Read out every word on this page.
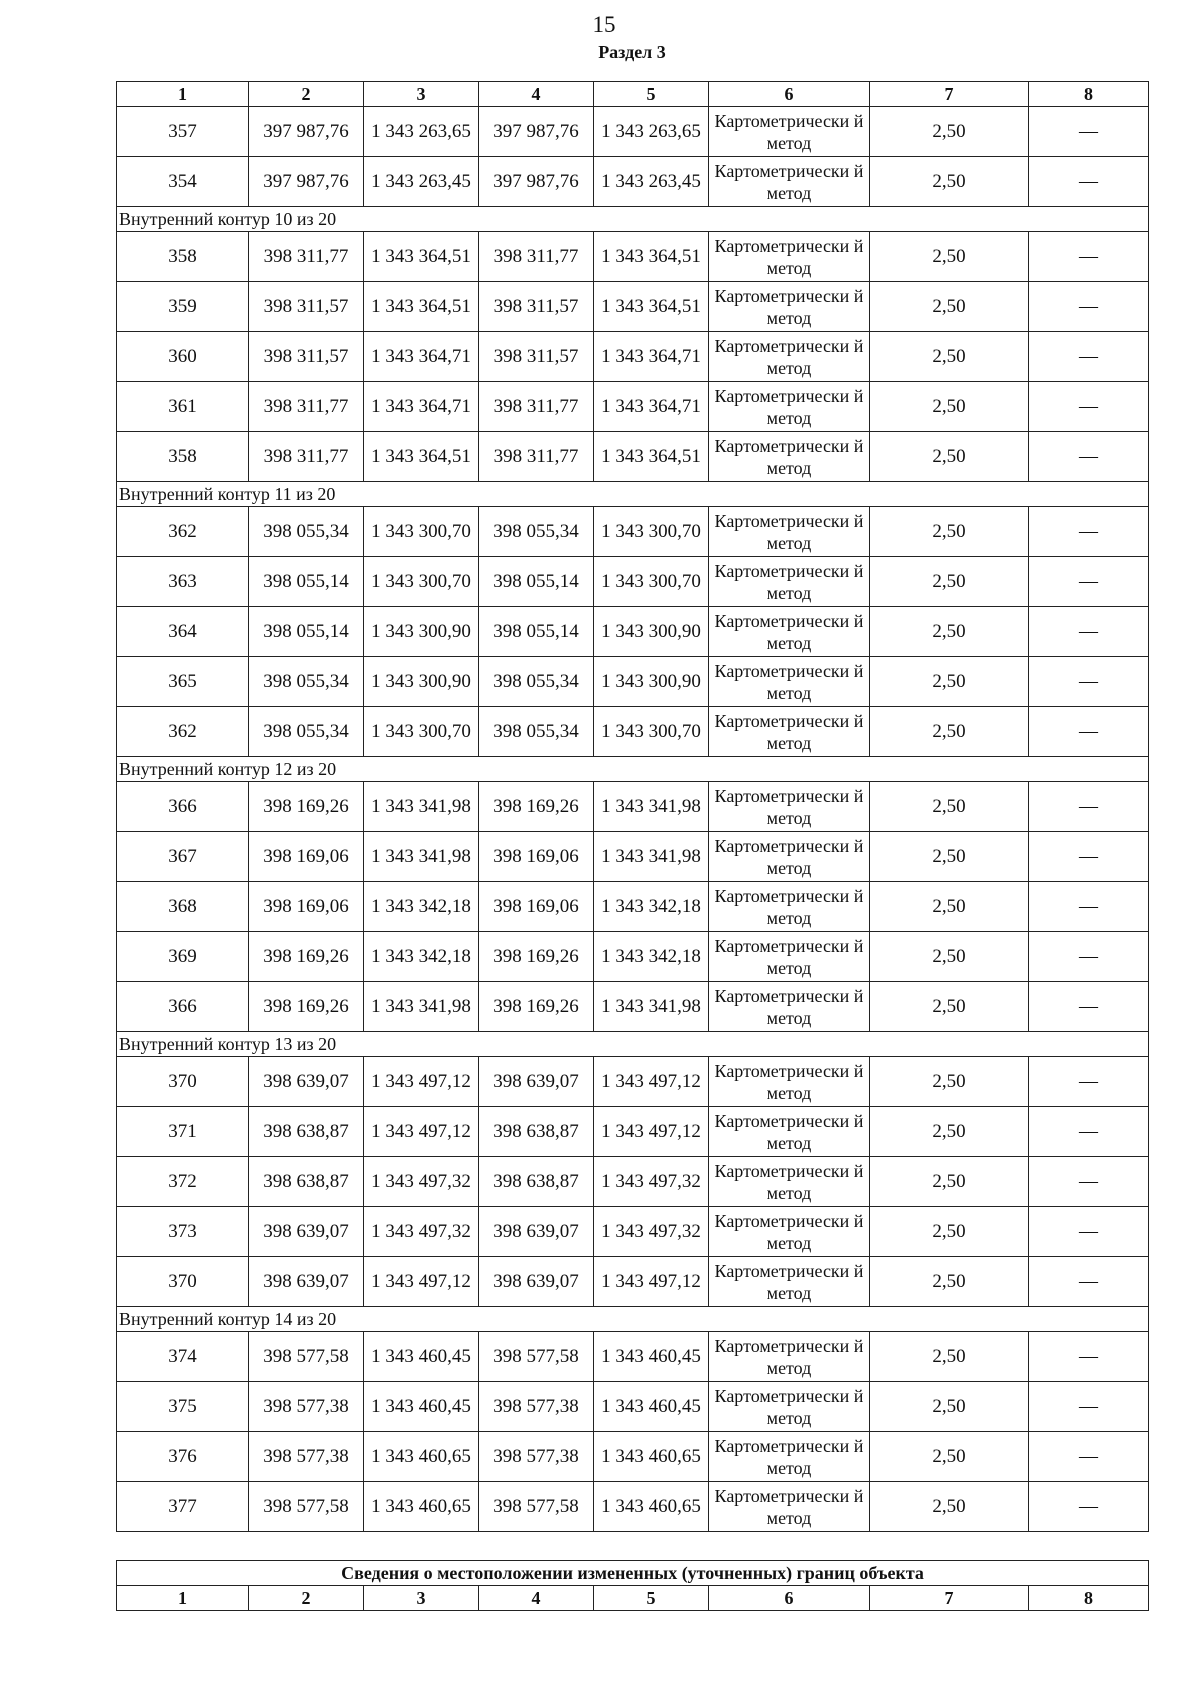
15
Раздел 3
1	2	3	4	5	6	7	8
357	397 987,76	1 343 263,65	397 987,76	1 343 263,65	Картометрически й метод	2,50	—
354	397 987,76	1 343 263,45	397 987,76	1 343 263,45	Картометрически й метод	2,50	—
Внутренний контур 10 из 20							
358	398 311,77	1 343 364,51	398 311,77	1 343 364,51	Картометрически й метод	2,50	—
359	398 311,57	1 343 364,51	398 311,57	1 343 364,51	Картометрически й метод	2,50	—
360	398 311,57	1 343 364,71	398 311,57	1 343 364,71	Картометрически й метод	2,50	—
361	398 311,77	1 343 364,71	398 311,77	1 343 364,71	Картометрически й метод	2,50	—
358	398 311,77	1 343 364,51	398 311,77	1 343 364,51	Картометрически й метод	2,50	—
Внутренний контур 11 из 20							
362	398 055,34	1 343 300,70	398 055,34	1 343 300,70	Картометрически й метод	2,50	—
363	398 055,14	1 343 300,70	398 055,14	1 343 300,70	Картометрически й метод	2,50	—
364	398 055,14	1 343 300,90	398 055,14	1 343 300,90	Картометрически й метод	2,50	—
365	398 055,34	1 343 300,90	398 055,34	1 343 300,90	Картометрически й метод	2,50	—
362	398 055,34	1 343 300,70	398 055,34	1 343 300,70	Картометрически й метод	2,50	—
Внутренний контур 12 из 20							
366	398 169,26	1 343 341,98	398 169,26	1 343 341,98	Картометрически й метод	2,50	—
367	398 169,06	1 343 341,98	398 169,06	1 343 341,98	Картометрически й метод	2,50	—
368	398 169,06	1 343 342,18	398 169,06	1 343 342,18	Картометрически й метод	2,50	—
369	398 169,26	1 343 342,18	398 169,26	1 343 342,18	Картометрически й метод	2,50	—
366	398 169,26	1 343 341,98	398 169,26	1 343 341,98	Картометрически й метод	2,50	—
Внутренний контур 13 из 20							
370	398 639,07	1 343 497,12	398 639,07	1 343 497,12	Картометрически й метод	2,50	—
371	398 638,87	1 343 497,12	398 638,87	1 343 497,12	Картометрически й метод	2,50	—
372	398 638,87	1 343 497,32	398 638,87	1 343 497,32	Картометрически й метод	2,50	—
373	398 639,07	1 343 497,32	398 639,07	1 343 497,32	Картометрически й метод	2,50	—
370	398 639,07	1 343 497,12	398 639,07	1 343 497,12	Картометрически й метод	2,50	—
Внутренний контур 14 из 20							
374	398 577,58	1 343 460,45	398 577,58	1 343 460,45	Картометрически й метод	2,50	—
375	398 577,38	1 343 460,45	398 577,38	1 343 460,45	Картометрически й метод	2,50	—
376	398 577,38	1 343 460,65	398 577,38	1 343 460,65	Картометрически й метод	2,50	—
377	398 577,58	1 343 460,65	398 577,58	1 343 460,65	Картометрически й метод	2,50	—
Сведения о местоположении измененных (уточненных) границ объекта
1	2	3	4	5	6	7	8
